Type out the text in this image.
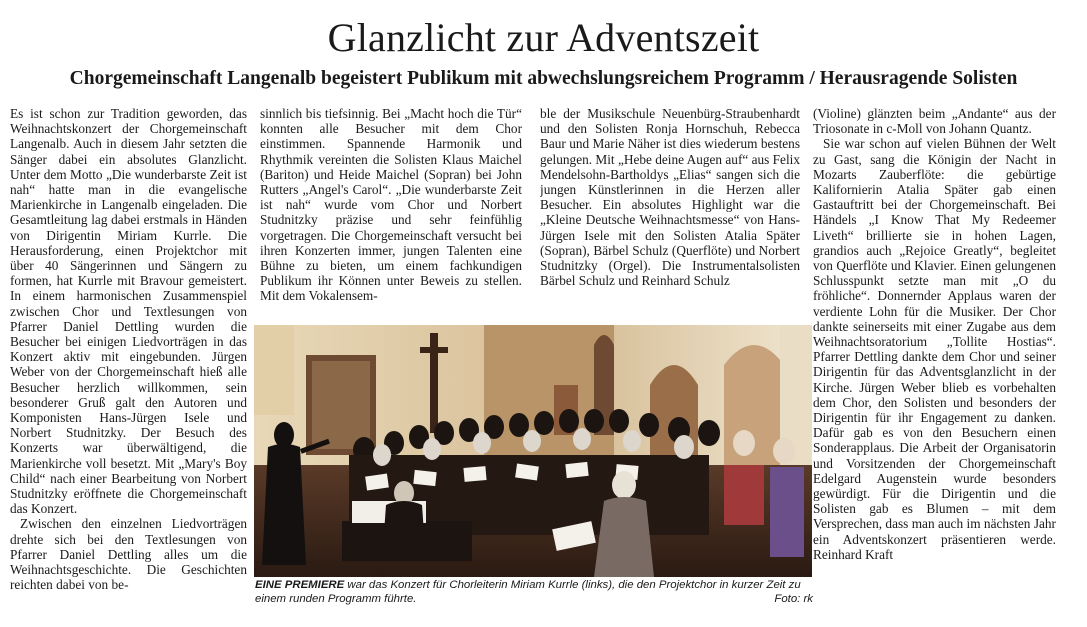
Glanzlicht zur Adventszeit
Chorgemeinschaft Langenalb begeistert Publikum mit abwechslungsreichem Programm / Herausragende Solisten

Es ist schon zur Tradition geworden, das Weihnachtskonzert der Chorgemeinschaft Langenalb. Auch in diesem Jahr setzten die Sänger dabei ein absolutes Glanzlicht. Unter dem Motto „Die wunderbarste Zeit ist nah“ hatte man in die evangelische Marienkirche in Langenalb eingeladen. Die Gesamtleitung lag dabei erstmals in Händen von Dirigentin Miriam Kurrle. Die Herausforderung, einen Projektchor mit über 40 Sängerinnen und Sängern zu formen, hat Kurrle mit Bravour gemeistert. In einem harmonischen Zusammenspiel zwischen Chor und Textlesungen von Pfarrer Daniel Dettling wurden die Besucher bei einigen Liedvorträgen in das Konzert aktiv mit eingebunden. Jürgen Weber von der Chorgemeinschaft hieß alle Besucher herzlich willkommen, sein besonderer Gruß galt den Autoren und Komponisten Hans-Jürgen Isele und Norbert Studnitzky. Der Besuch des Konzerts war überwältigend, die Marienkirche voll besetzt. Mit „Mary's Boy Child“ nach einer Bearbeitung von Norbert Studnitzky eröffnete die Chorgemeinschaft das Konzert.

Zwischen den einzelnen Liedvorträgen drehte sich bei den Textlesungen von Pfarrer Daniel Dettling alles um die Weihnachtsgeschichte. Die Geschichten reichten dabei von be-

sinnlich bis tiefsinnig. Bei „Macht hoch die Tür“ konnten alle Besucher mit dem Chor einstimmen. Spannende Harmonik und Rhythmik vereinten die Solisten Klaus Maichel (Bariton) und Heide Maichel (Sopran) bei John Rutters „Angel's Carol“. „Die wunderbarste Zeit ist nah“ wurde vom Chor und Norbert Studnitzky präzise und sehr feinfühlig vorgetragen. Die Chorgemeinschaft versucht bei ihren Konzerten immer, jungen Talenten eine Bühne zu bieten, um einem fachkundigen Publikum ihr Können unter Beweis zu stellen. Mit dem Vokalensem-

ble der Musikschule Neuenbürg-Straubenhardt und den Solisten Ronja Hornschuh, Rebecca Baur und Marie Näher ist dies wiederum bestens gelungen. Mit „Hebe deine Augen auf“ aus Felix Mendelsohn-Bartholdys „Elias“ sangen sich die jungen Künstlerinnen in die Herzen aller Besucher. Ein absolutes Highlight war die „Kleine Deutsche Weihnachtsmesse“ von Hans-Jürgen Isele mit den Solisten Atalia Später (Sopran), Bärbel Schulz (Querflöte) und Norbert Studnitzky (Orgel). Die Instrumentalsolisten Bärbel Schulz und Reinhard Schulz

(Violine) glänzten beim „Andante“ aus der Triosonate in c-Moll von Johann Quantz.

Sie war schon auf vielen Bühnen der Welt zu Gast, sang die Königin der Nacht in Mozarts Zauberflöte: die gebürtige Kalifornierin Atalia Später gab einen Gastauftritt bei der Chorgemeinschaft. Bei Händels „I Know That My Redeemer Liveth“ brillierte sie in hohen Lagen, grandios auch „Rejoice Greatly“, begleitet von Querflöte und Klavier. Einen gelungenen Schlusspunkt setzte man mit „O du fröhliche“. Donnernder Applaus waren der verdiente Lohn für die Musiker. Der Chor dankte seinerseits mit einer Zugabe aus dem Weihnachtsoratorium „Tollite Hostias“. Pfarrer Dettling dankte dem Chor und seiner Dirigentin für das Adventsglanzlicht in der Kirche. Jürgen Weber blieb es vorbehalten dem Chor, den Solisten und besonders der Dirigentin für ihr Engagement zu danken. Dafür gab es von den Besuchern einen Sonderapplaus. Die Arbeit der Organisatorin und Vorsitzenden der Chorgemeinschaft Edelgard Augenstein wurde besonders gewürdigt. Für die Dirigentin und die Solisten gab es Blumen – mit dem Versprechen, dass man auch im nächsten Jahr ein Adventskonzert präsentieren werde. Reinhard Kraft

EINE PREMIERE war das Konzert für Chorleiterin Miriam Kurrle (links), die den Projektchor in kurzer Zeit zu einem runden Programm führte.	Foto: rk
